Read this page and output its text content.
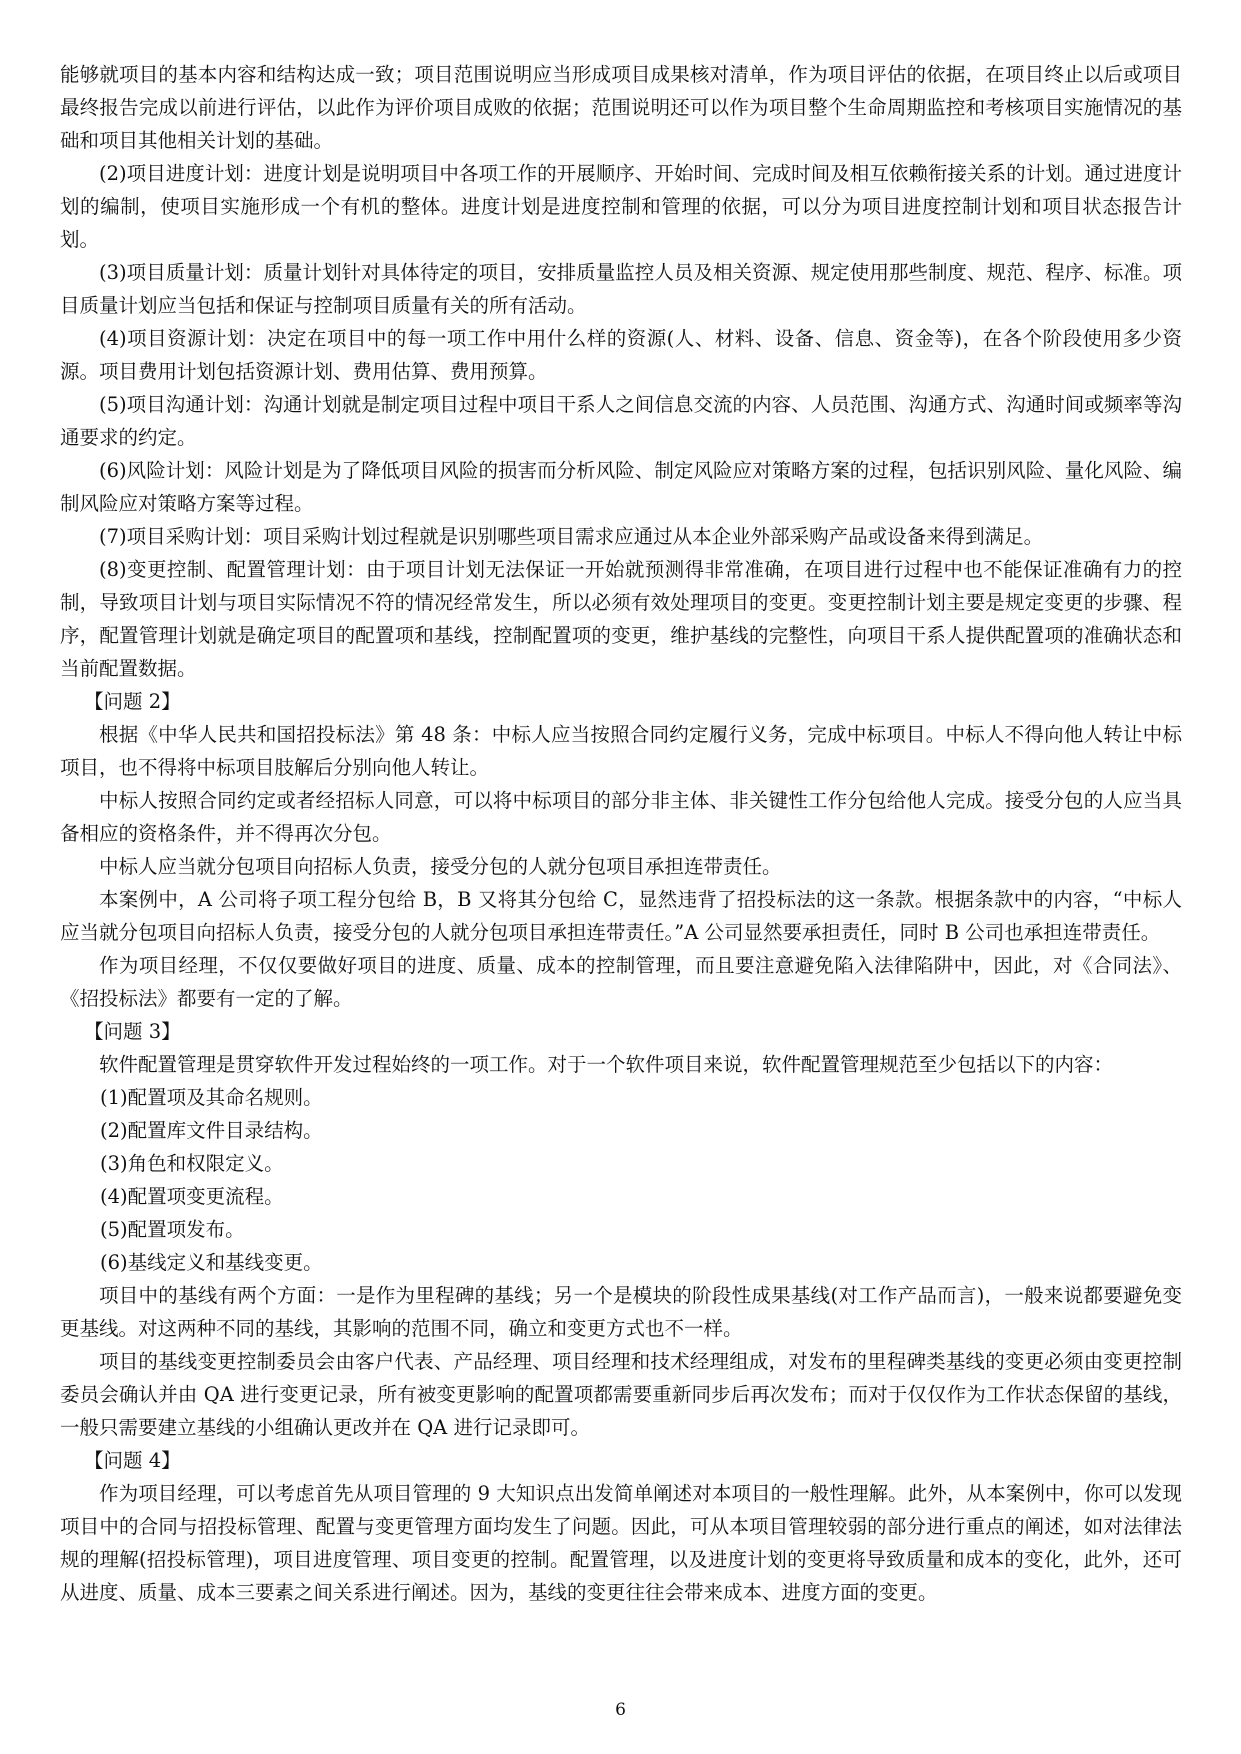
能够就项目的基本内容和结构达成一致；项目范围说明应当形成项目成果核对清单，作为项目评估的依据，在项目终止以后或项目最终报告完成以前进行评估，以此作为评价项目成败的依据；范围说明还可以作为项目整个生命周期监控和考核项目实施情况的基础和项目其他相关计划的基础。

(2)项目进度计划：进度计划是说明项目中各项工作的开展顺序、开始时间、完成时间及相互依赖衔接关系的计划。通过进度计划的编制，使项目实施形成一个有机的整体。进度计划是进度控制和管理的依据，可以分为项目进度控制计划和项目状态报告计划。

(3)项目质量计划：质量计划针对具体待定的项目，安排质量监控人员及相关资源、规定使用那些制度、规范、程序、标准。项目质量计划应当包括和保证与控制项目质量有关的所有活动。

(4)项目资源计划：决定在项目中的每一项工作中用什么样的资源(人、材料、设备、信息、资金等)，在各个阶段使用多少资源。项目费用计划包括资源计划、费用估算、费用预算。

(5)项目沟通计划：沟通计划就是制定项目过程中项目干系人之间信息交流的内容、人员范围、沟通方式、沟通时间或频率等沟通要求的约定。

(6)风险计划：风险计划是为了降低项目风险的损害而分析风险、制定风险应对策略方案的过程，包括识别风险、量化风险、编制风险应对策略方案等过程。

(7)项目采购计划：项目采购计划过程就是识别哪些项目需求应通过从本企业外部采购产品或设备来得到满足。

(8)变更控制、配置管理计划：由于项目计划无法保证一开始就预测得非常准确，在项目进行过程中也不能保证准确有力的控制，导致项目计划与项目实际情况不符的情况经常发生，所以必须有效处理项目的变更。变更控制计划主要是规定变更的步骤、程序，配置管理计划就是确定项目的配置项和基线，控制配置项的变更，维护基线的完整性，向项目干系人提供配置项的准确状态和当前配置数据。

【问题 2】

根据《中华人民共和国招投标法》第 48 条：中标人应当按照合同约定履行义务，完成中标项目。中标人不得向他人转让中标项目，也不得将中标项目肢解后分别向他人转让。

中标人按照合同约定或者经招标人同意，可以将中标项目的部分非主体、非关键性工作分包给他人完成。接受分包的人应当具备相应的资格条件，并不得再次分包。

中标人应当就分包项目向招标人负责，接受分包的人就分包项目承担连带责任。

本案例中，A 公司将子项工程分包给 B，B 又将其分包给 C，显然违背了招投标法的这一条款。根据条款中的内容，“中标人应当就分包项目向招标人负责，接受分包的人就分包项目承担连带责任。”A 公司显然要承担责任，同时 B 公司也承担连带责任。

作为项目经理，不仅仅要做好项目的进度、质量、成本的控制管理，而且要注意避免陷入法律陷阱中，因此，对《合同法》、《招投标法》都要有一定的了解。

【问题 3】

软件配置管理是贯穿软件开发过程始终的一项工作。对于一个软件项目来说，软件配置管理规范至少包括以下的内容：

(1)配置项及其命名规则。

(2)配置库文件目录结构。

(3)角色和权限定义。

(4)配置项变更流程。

(5)配置项发布。

(6)基线定义和基线变更。

项目中的基线有两个方面：一是作为里程碑的基线；另一个是模块的阶段性成果基线(对工作产品而言)，一般来说都要避免变更基线。对这两种不同的基线，其影响的范围不同，确立和变更方式也不一样。

项目的基线变更控制委员会由客户代表、产品经理、项目经理和技术经理组成，对发布的里程碑类基线的变更必须由变更控制委员会确认并由 QA 进行变更记录，所有被变更影响的配置项都需要重新同步后再次发布；而对于仅仅作为工作状态保留的基线，一般只需要建立基线的小组确认更改并在 QA 进行记录即可。

【问题 4】

作为项目经理，可以考虑首先从项目管理的 9 大知识点出发简单阐述对本项目的一般性理解。此外，从本案例中，你可以发现项目中的合同与招投标管理、配置与变更管理方面均发生了问题。因此，可从本项目管理较弱的部分进行重点的阐述，如对法律法规的理解(招投标管理)，项目进度管理、项目变更的控制。配置管理，以及进度计划的变更将导致质量和成本的变化，此外，还可从进度、质量、成本三要素之间关系进行阐述。因为，基线的变更往往会带来成本、进度方面的变更。

6
